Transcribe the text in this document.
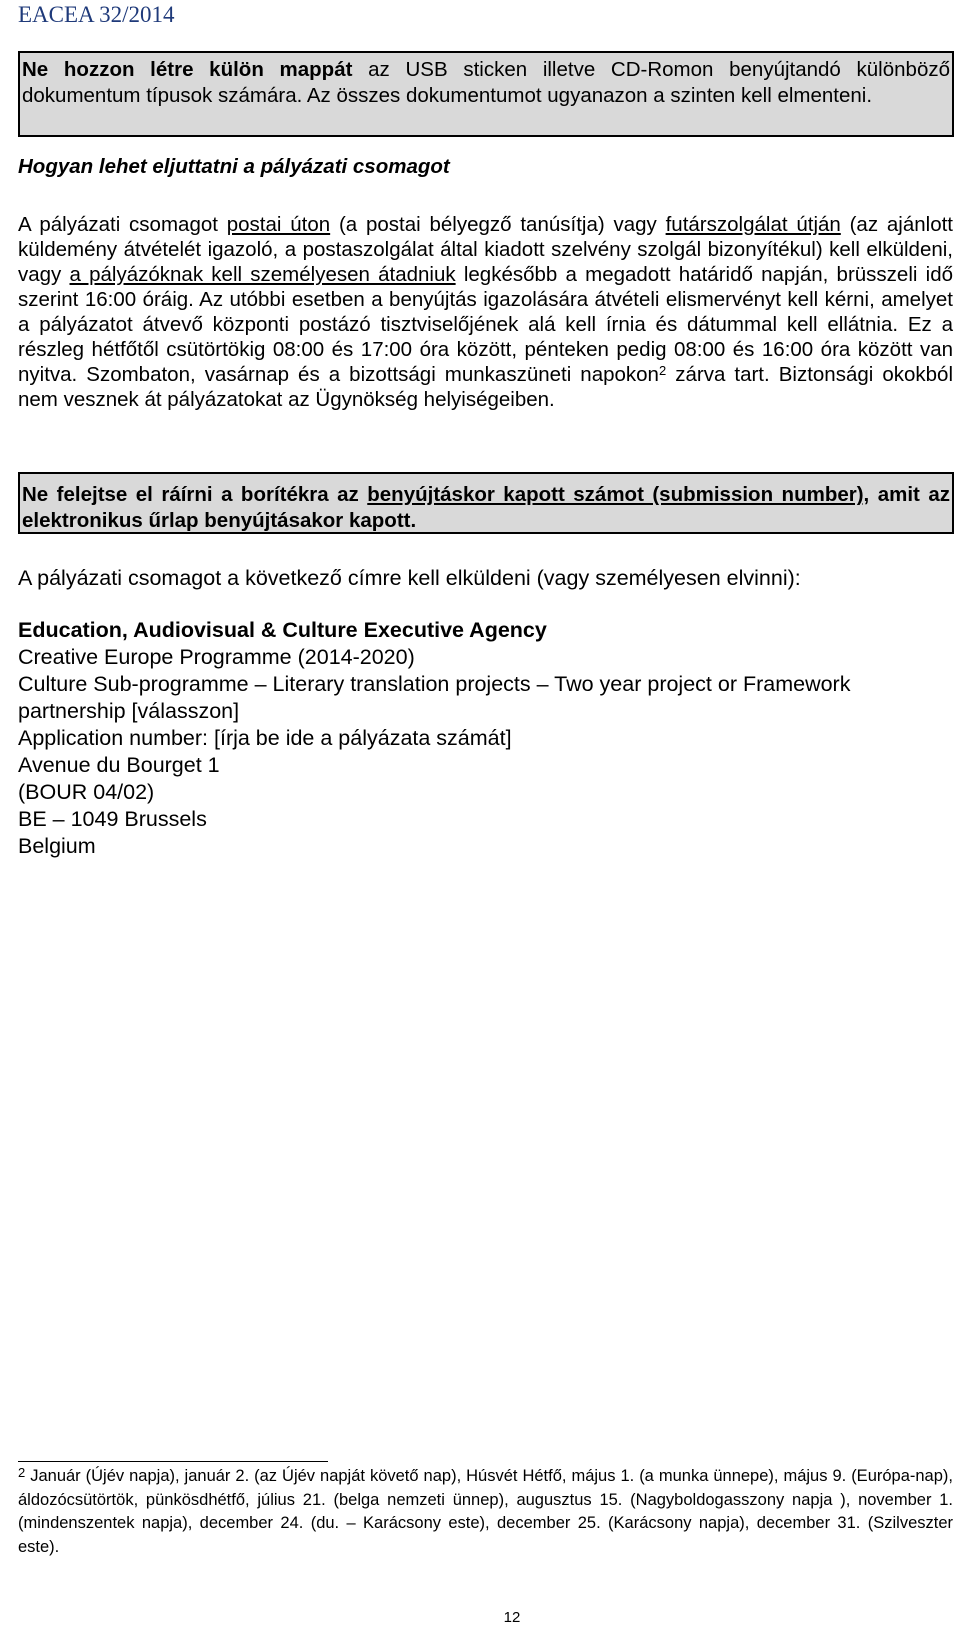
EACEA 32/2014
Ne hozzon létre külön mappát az USB sticken illetve CD-Romon benyújtandó különböző dokumentum típusok számára. Az összes dokumentumot ugyanazon a szinten kell elmenteni.
Hogyan lehet eljuttatni a pályázati csomagot
A pályázati csomagot postai úton (a postai bélyegző tanúsítja) vagy futárszolgálat útján (az ajánlott küldemény átvételét igazoló, a postaszolgálat által kiadott szelvény szolgál bizonyítékul) kell elküldeni, vagy a pályázóknak kell személyesen átadniuk legkésőbb a megadott határidő napján, brüsszeli idő szerint 16:00 óráig. Az utóbbi esetben a benyújtás igazolására átvételi elismervényt kell kérni, amelyet a pályázatot átvevő központi postázó tisztviselőjének alá kell írnia és dátummal kell ellátnia. Ez a részleg hétfőtől csütörtökig 08:00 és 17:00 óra között, pénteken pedig 08:00 és 16:00 óra között van nyitva. Szombaton, vasárnap és a bizottsági munkaszüneti napokon$^2$ zárva tart. Biztonsági okokból nem vesznek át pályázatokat az Ügynökség helyiségeiben.
Ne felejtse el ráírni a borítékra az benyújtáskor kapott számot (submission number), amit az elektronikus űrlap benyújtásakor kapott.
A pályázati csomagot a következő címre kell elküldeni (vagy személyesen elvinni):
Education, Audiovisual & Culture Executive Agency
Creative Europe Programme (2014-2020)
Culture Sub-programme – Literary translation projects – Two year project or Framework partnership [válasszon]
Application number: [írja be ide a pályázata számát]
Avenue du Bourget 1
(BOUR 04/02)
BE – 1049 Brussels
Belgium
$^2$ Január (Újév napja), január 2. (az Újév napját követő nap), Húsvét Hétfő, május 1. (a munka ünnepe), május 9. (Európa-nap), áldozócsütörtök, pünkösdhétfő, július 21. (belga nemzeti ünnep), augusztus 15. (Nagyboldogasszony napja ), november 1. (mindenszentek napja), december 24. (du. – Karácsony este), december 25. (Karácsony napja), december 31. (Szilveszter este).
12
